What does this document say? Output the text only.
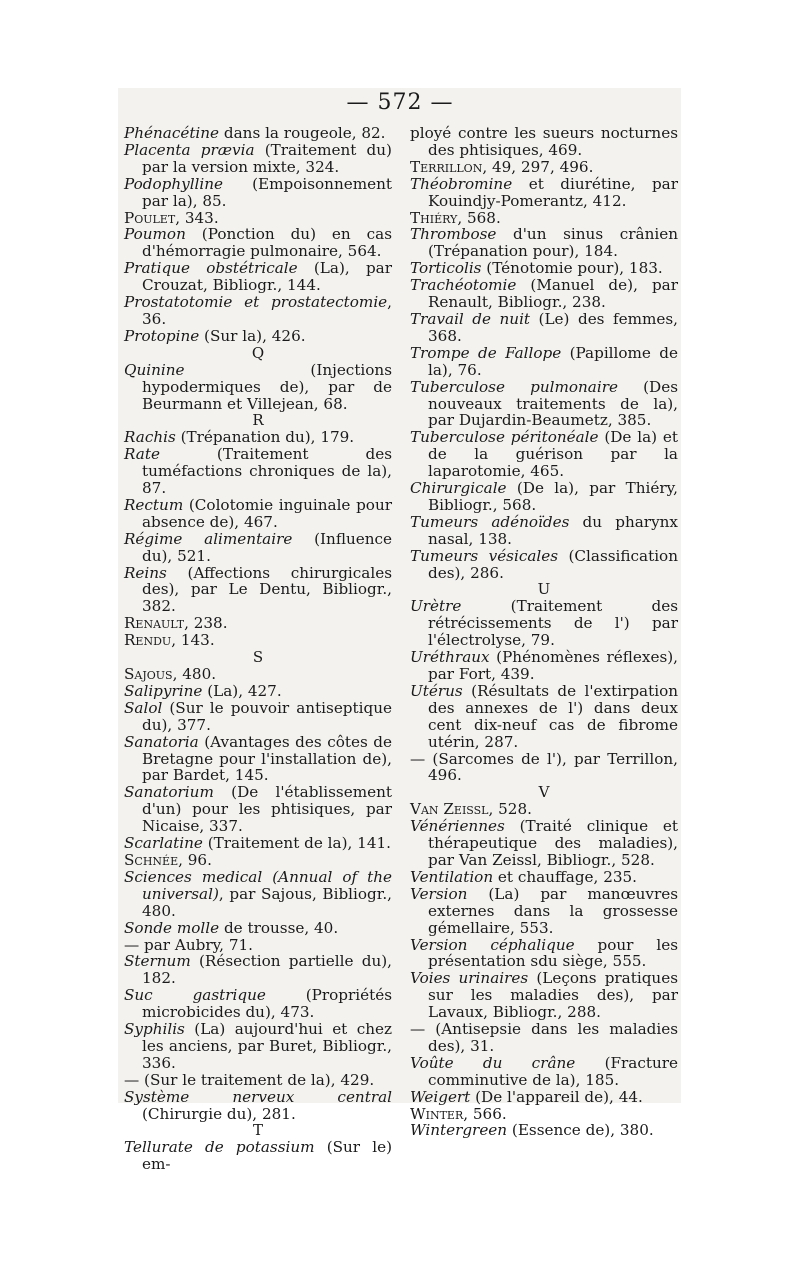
— 572 —
Phénacétine dans la rougeole, 82.
Placenta prævia (Traitement du) par la version mixte, 324.
Podophylline (Empoisonnement par la), 85.
Poulet, 343.
Poumon (Ponction du) en cas d'hémorragie pulmonaire, 564.
Pratique obstétricale (La), par Crouzat, Bibliogr., 144.
Prostatotomie et prostatectomie, 36.
Protopine (Sur la), 426.
Q
Quinine (Injections hypodermiques de), par de Beurmann et Villejean, 68.
R
Rachis (Trépanation du), 179.
Rate (Traitement des tuméfactions chroniques de la), 87.
Rectum (Colotomie inguinale pour absence de), 467.
Régime alimentaire (Influence du), 521.
Reins (Affections chirurgicales des), par Le Dentu, Bibliogr., 382.
Renault, 238.
Rendu, 143.
S
Sajous, 480.
Salipyrine (La), 427.
Salol (Sur le pouvoir antiseptique du), 377.
Sanatoria (Avantages des côtes de Bretagne pour l'installation de), par Bardet, 145.
Sanatorium (De l'établissement d'un) pour les phtisiques, par Nicaise, 337.
Scarlatine (Traitement de la), 141.
Schnée, 96.
Sciences medical (Annual of the universal), par Sajous, Bibliogr., 480.
Sonde molle de trousse, 40.
— par Aubry, 71.
Sternum (Résection partielle du), 182.
Suc gastrique (Propriétés microbicides du), 473.
Syphilis (La) aujourd'hui et chez les anciens, par Buret, Bibliogr., 336.
— (Sur le traitement de la), 429.
Système nerveux central (Chirurgie du), 281.
T
Tellurate de potassium (Sur le) em-
ployé contre les sueurs nocturnes des phtisiques, 469.
Terrillon, 49, 297, 496.
Théobromine et diurétine, par Kouindjy-Pomerantz, 412.
Thiéry, 568.
Thrombose d'un sinus crânien (Trépanation pour), 184.
Torticolis (Ténotomie pour), 183.
Trachéotomie (Manuel de), par Renault, Bibliogr., 238.
Travail de nuit (Le) des femmes, 368.
Trompe de Fallope (Papillome de la), 76.
Tuberculose pulmonaire (Des nouveaux traitements de la), par Dujardin-Beaumetz, 385.
Tuberculose péritonéale (De la) et de la guérison par la laparotomie, 465.
Chirurgicale (De la), par Thiéry, Bibliogr., 568.
Tumeurs adénoïdes du pharynx nasal, 138.
Tumeurs vésicales (Classification des), 286.
U
Urètre (Traitement des rétrécissements de l') par l'électrolyse, 79.
Uréthraux (Phénomènes réflexes), par Fort, 439.
Utérus (Résultats de l'extirpation des annexes de l') dans deux cent dix-neuf cas de fibrome utérin, 287.
— (Sarcomes de l'), par Terrillon, 496.
V
Van Zeissl, 528.
Vénériennes (Traité clinique et thérapeutique des maladies), par Van Zeissl, Bibliogr., 528.
Ventilation et chauffage, 235.
Version (La) par manœuvres externes dans la grossesse gémellaire, 553.
Version céphalique pour les présentation sdu siège, 555.
Voies urinaires (Leçons pratiques sur les maladies des), par Lavaux, Bibliogr., 288.
— (Antisepsie dans les maladies des), 31.
Voûte du crâne (Fracture comminutive de la), 185.
Weigert (De l'appareil de), 44.
Winter, 566.
Wintergreen (Essence de), 380.
